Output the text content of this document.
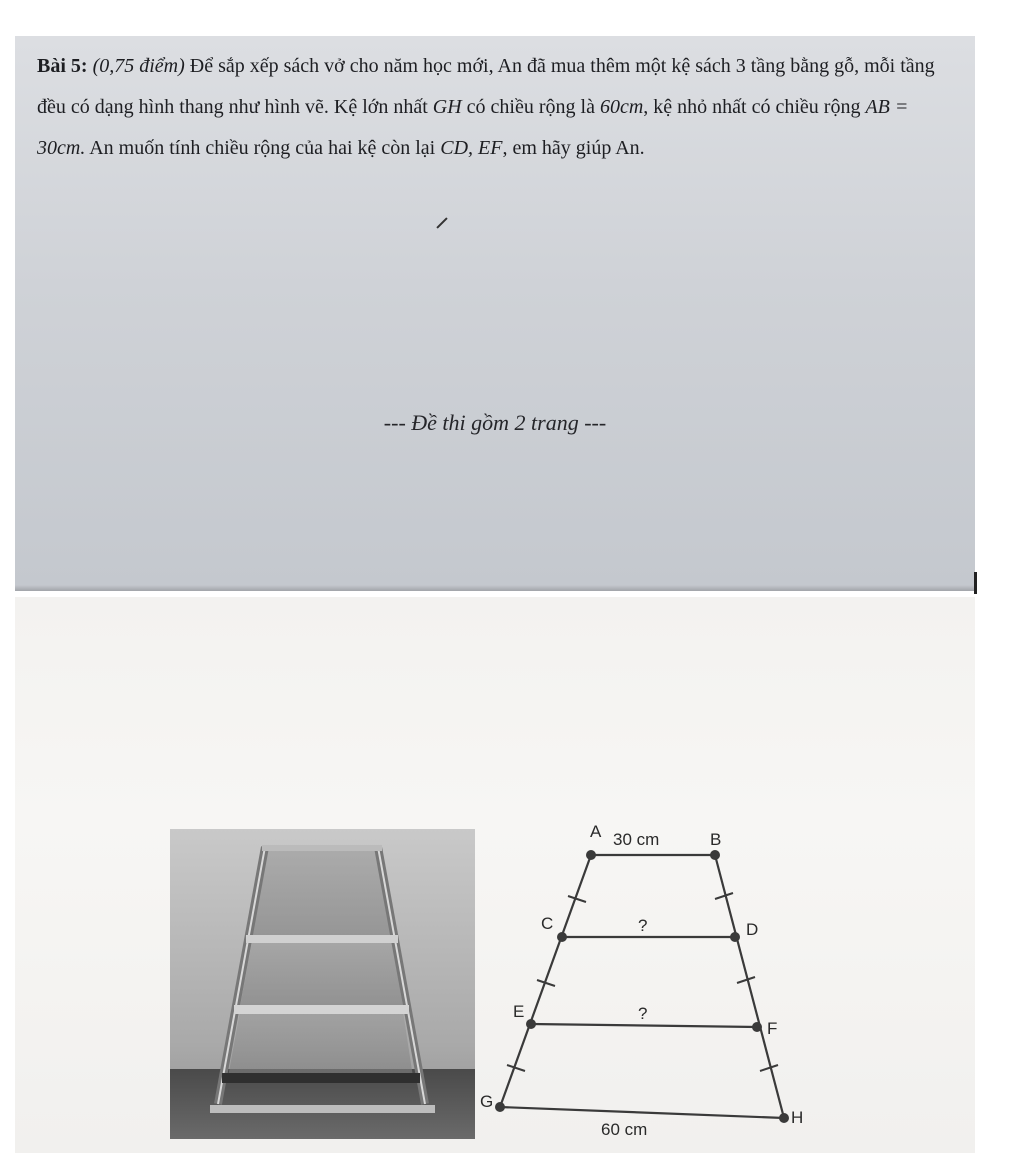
Bài 5: (0,75 điểm) Để sắp xếp sách vở cho năm học mới, An đã mua thêm một kệ sách 3 tầng bằng gỗ, mỗi tầng đều có dạng hình thang như hình vẽ. Kệ lớn nhất GH có chiều rộng là 60cm, kệ nhỏ nhất có chiều rộng AB = 30cm. An muốn tính chiều rộng của hai kệ còn lại CD, EF, em hãy giúp An.

--- Đề thi gồm 2 trang ---
A	B
C	D
E
F
G
H
30 cm
?
?
60 cm
